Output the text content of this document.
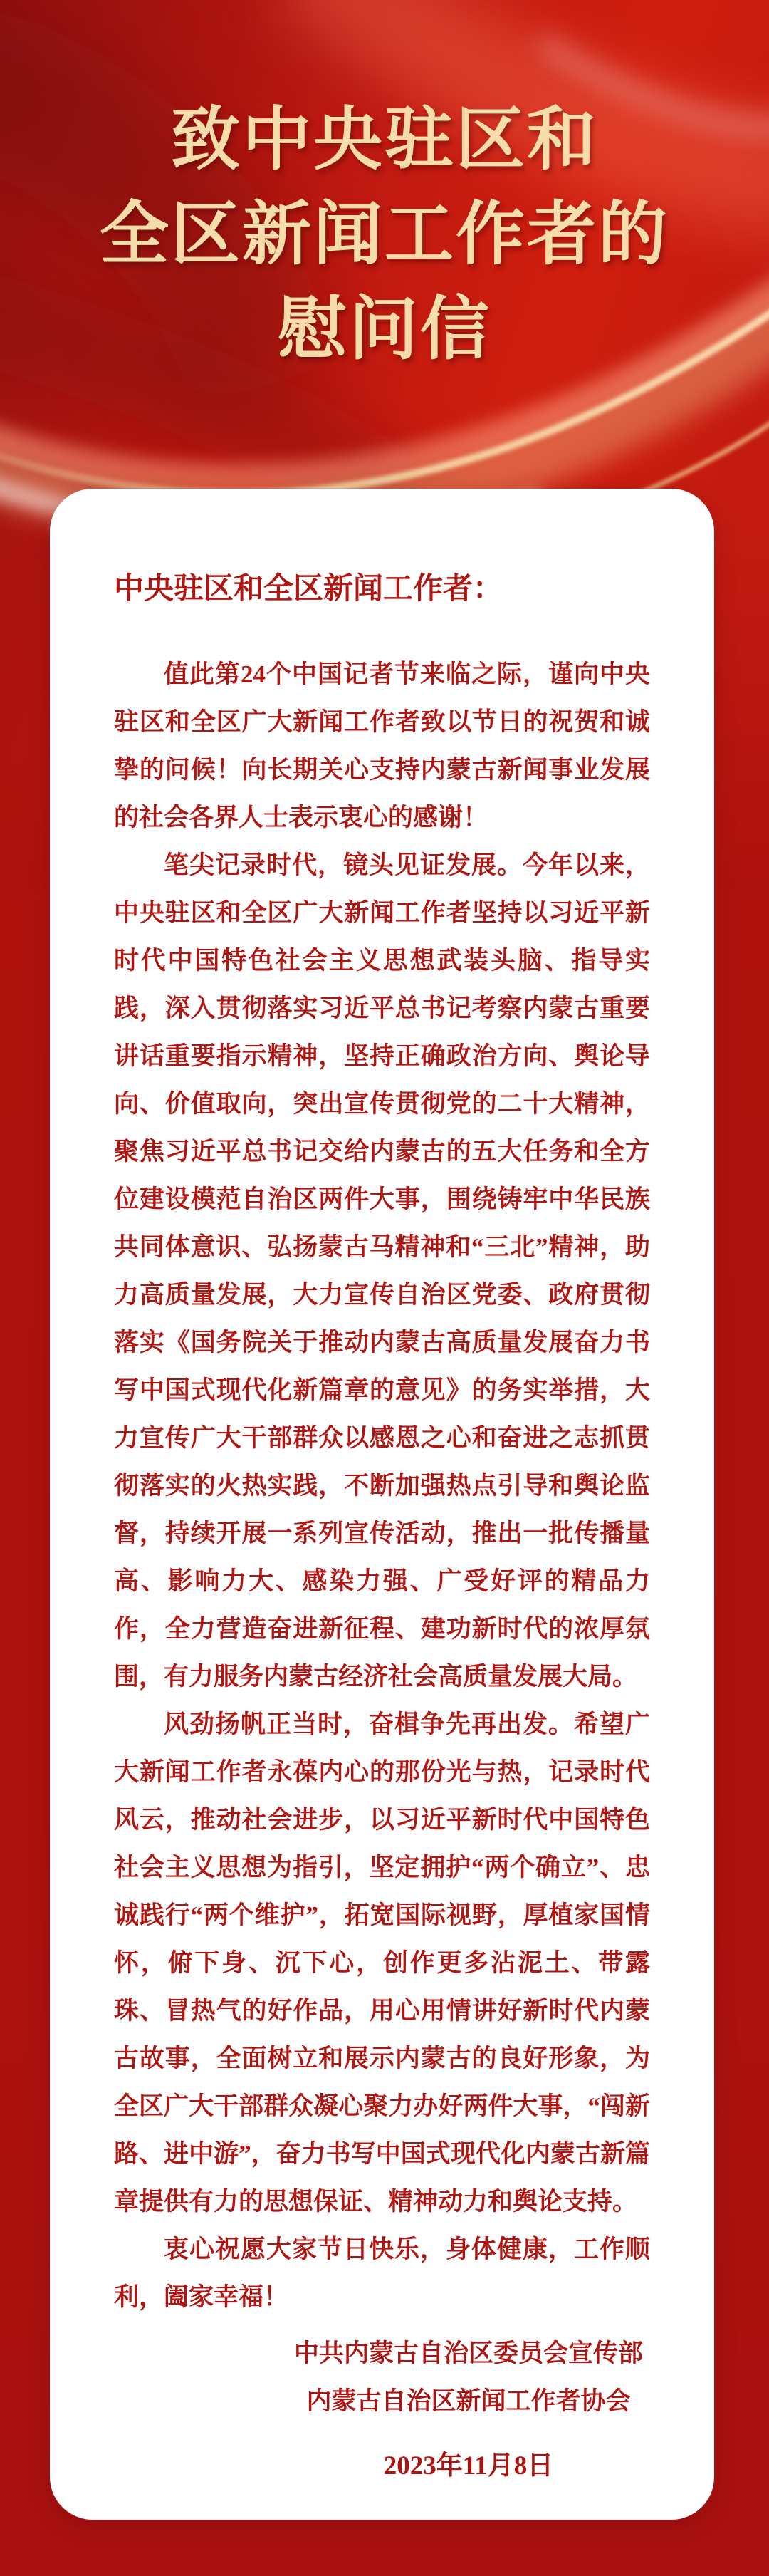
致中央驻区和
全区新闻工作者的
慰问信
中央驻区和全区新闻工作者：

值此第24个中国记者节来临之际，谨向中央驻区和全区广大新闻工作者致以节日的祝贺和诚挚的问候！向长期关心支持内蒙古新闻事业发展的社会各界人士表示衷心的感谢！

笔尖记录时代，镜头见证发展。今年以来，中央驻区和全区广大新闻工作者坚持以习近平新时代中国特色社会主义思想武装头脑、指导实践，深入贯彻落实习近平总书记考察内蒙古重要讲话重要指示精神，坚持正确政治方向、舆论导向、价值取向，突出宣传贯彻党的二十大精神，聚焦习近平总书记交给内蒙古的五大任务和全方位建设模范自治区两件大事，围绕铸牢中华民族共同体意识、弘扬蒙古马精神和“三北”精神，助力高质量发展，大力宣传自治区党委、政府贯彻落实《国务院关于推动内蒙古高质量发展奋力书写中国式现代化新篇章的意见》的务实举措，大力宣传广大干部群众以感恩之心和奋进之志抓贯彻落实的火热实践，不断加强热点引导和舆论监督，持续开展一系列宣传活动，推出一批传播量高、影响力大、感染力强、广受好评的精品力作，全力营造奋进新征程、建功新时代的浓厚氛围，有力服务内蒙古经济社会高质量发展大局。

风劲扬帆正当时，奋楫争先再出发。希望广大新闻工作者永葆内心的那份光与热，记录时代风云，推动社会进步，以习近平新时代中国特色社会主义思想为指引，坚定拥护“两个确立”、忠诚践行“两个维护”，拓宽国际视野，厚植家国情怀，俯下身、沉下心，创作更多沾泥土、带露珠、冒热气的好作品，用心用情讲好新时代内蒙古故事，全面树立和展示内蒙古的良好形象，为全区广大干部群众凝心聚力办好两件大事，“闯新路、进中游”，奋力书写中国式现代化内蒙古新篇章提供有力的思想保证、精神动力和舆论支持。

衷心祝愿大家节日快乐，身体健康，工作顺利，阖家幸福！

中共内蒙古自治区委员会宣传部
内蒙古自治区新闻工作者协会
2023年11月8日
